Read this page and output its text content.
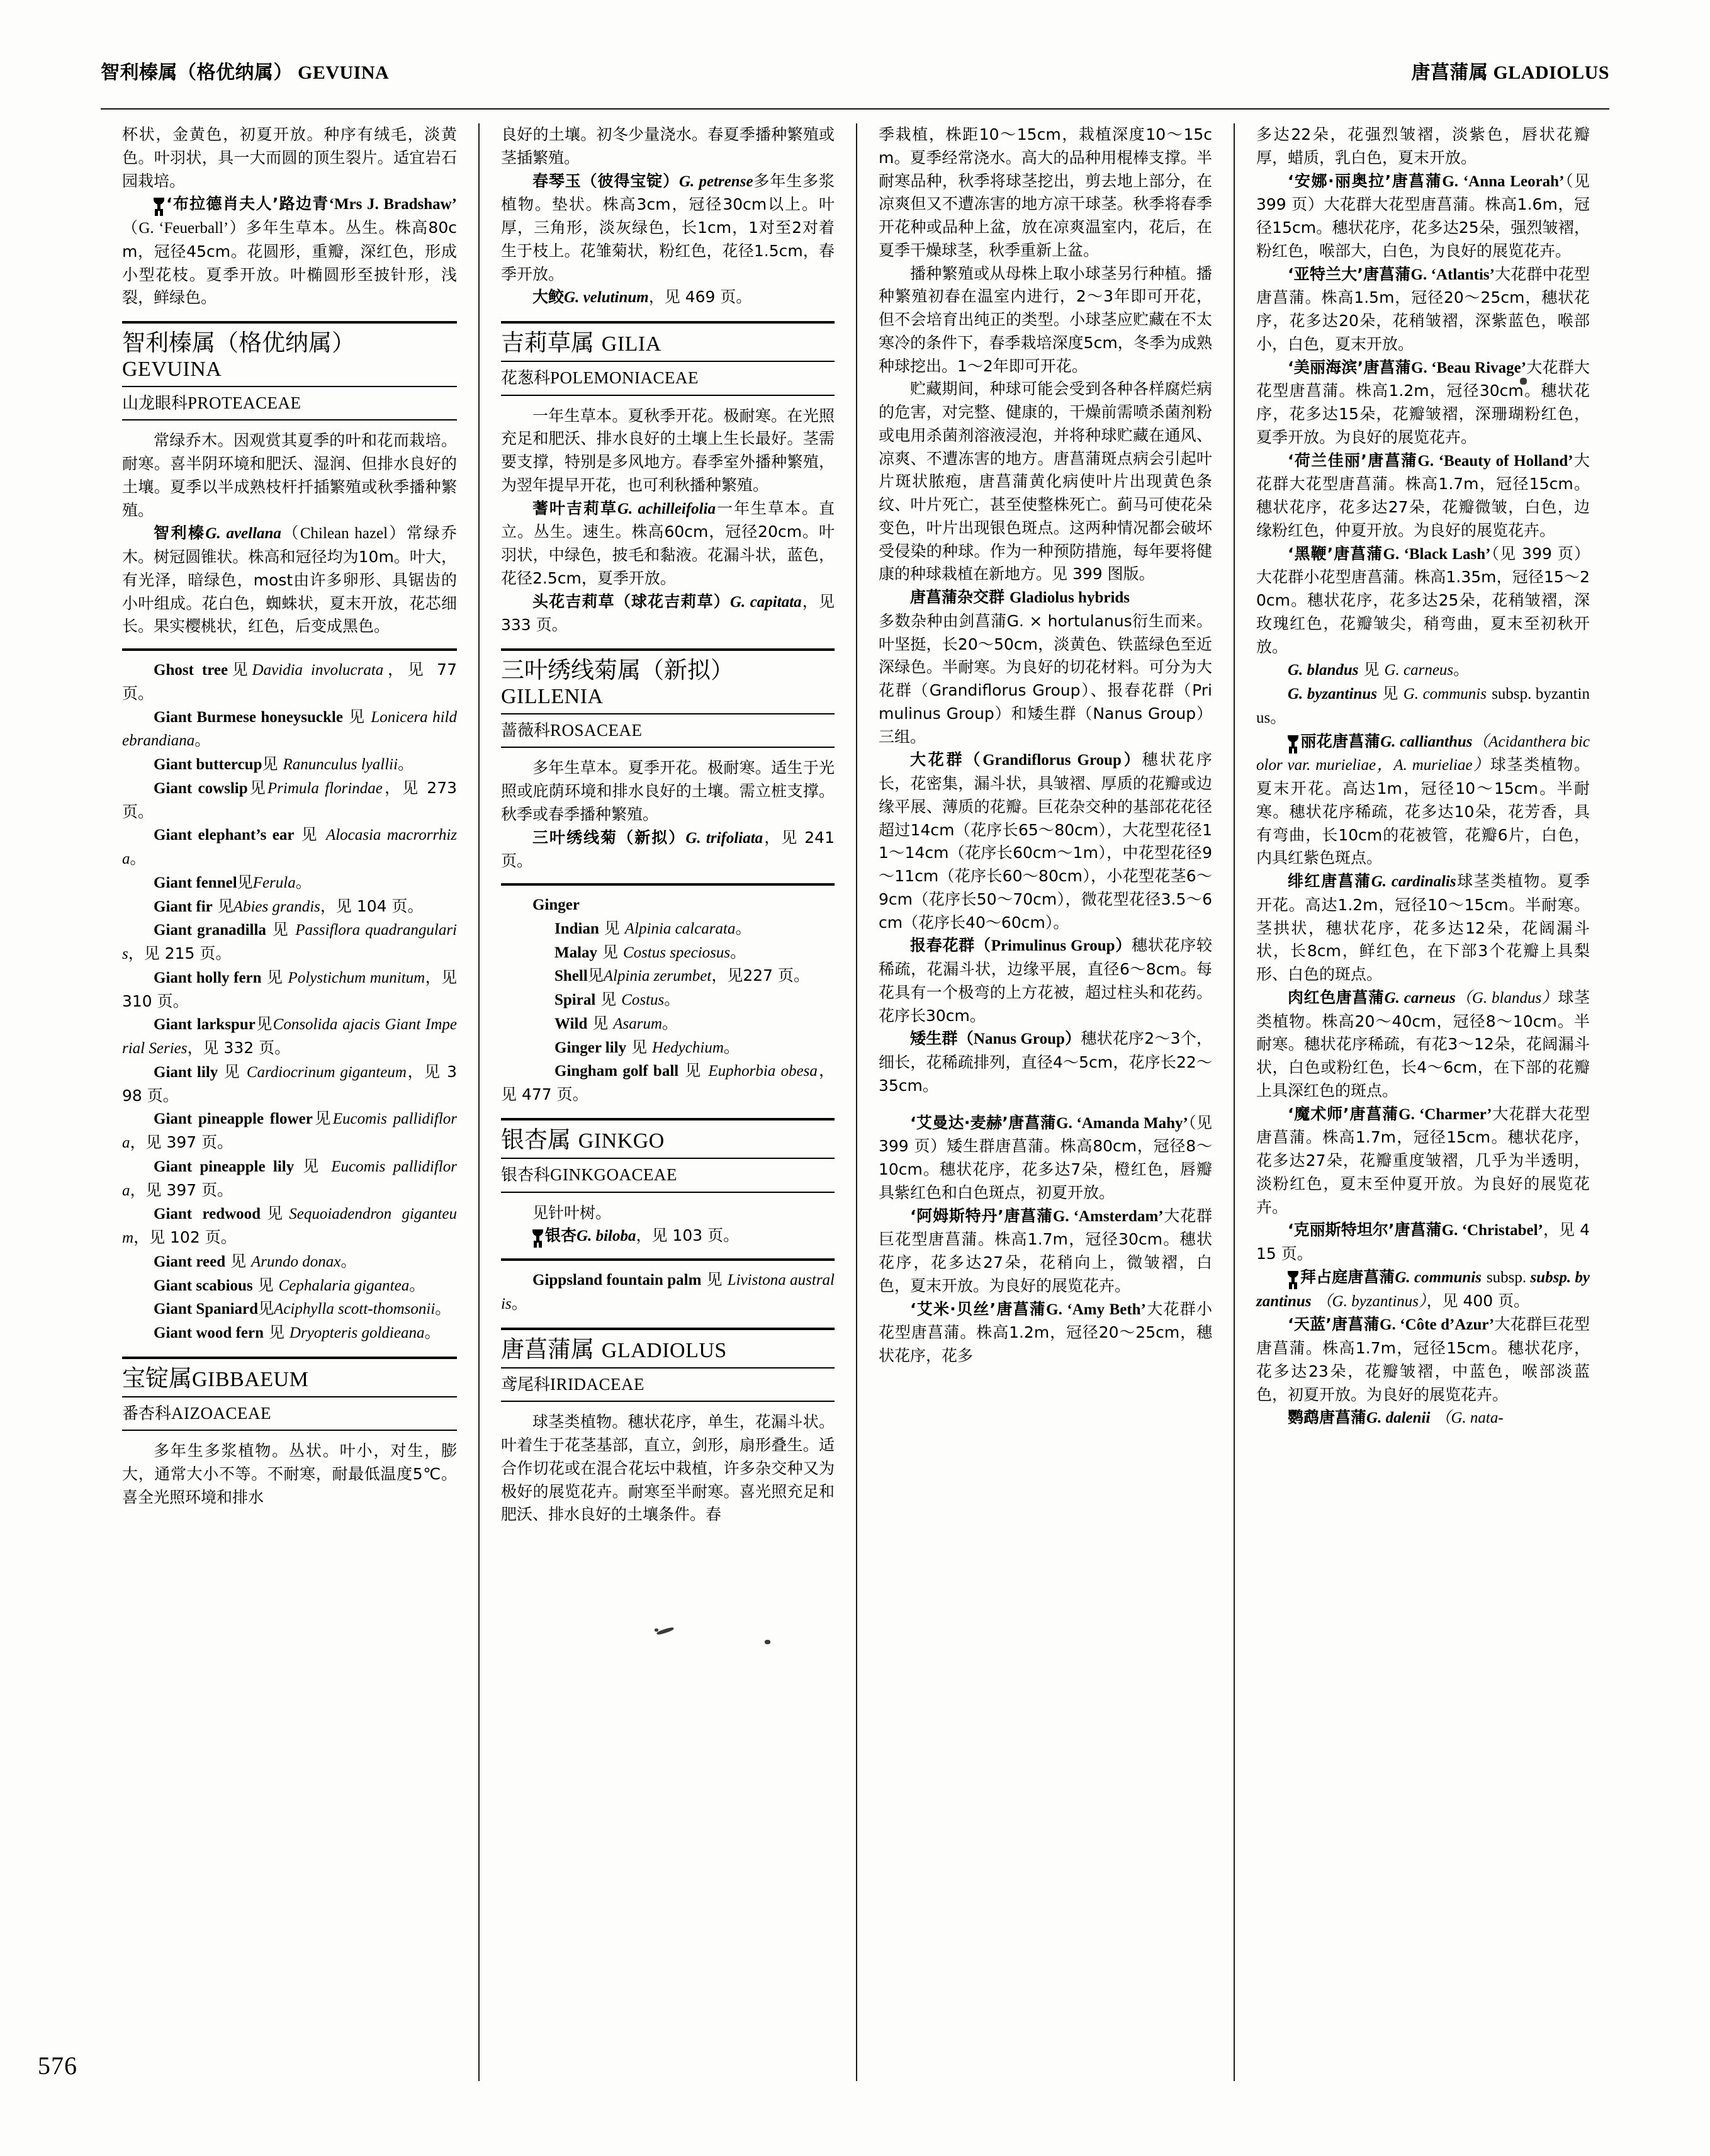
智利榛属（格优纳属） GEVUINA	唐菖蒲属 GLADIOLUS
576

杯状，金黄色，初夏开放。种序有绒毛，淡黄色。叶羽状，具一大而圆的顶生裂片。适宜岩石园栽培。

‘布拉德肖夫人’路边青‘Mrs J. Bradshaw’ （G. ‘Feuerball’）多年生草本。丛生。株高80cm，冠径45cm。花圆形，重瓣，深红色，形成小型花枝。夏季开放。叶椭圆形至披针形，浅裂，鲜绿色。

智利榛属（格优纳属）
GEVUINA
山龙眼科PROTEACEAE

常绿乔木。因观赏其夏季的叶和花而栽培。耐寒。喜半阴环境和肥沃、湿润、但排水良好的土壤。夏季以半成熟枝杆扦插繁殖或秋季播种繁殖。

智利榛G. avellana（Chilean hazel）常绿乔木。树冠圆锥状。株高和冠径均为10m。叶大，有光泽，暗绿色，most由许多卵形、具锯齿的小叶组成。花白色，蜘蛛状，夏末开放，花芯细长。果实樱桃状，红色，后变成黑色。

Ghost tree见Davidia involucrata，见 77 页。

Giant Burmese honeysuckle 见 Lonicera hildebrandiana。

Giant buttercup见 Ranunculus lyallii。

Giant cowslip见Primula florindae，见 273 页。

Giant elephant’s ear 见 Alocasia macrorrhiza。

Giant fennel见Ferula。

Giant fir 见Abies grandis，见 104 页。

Giant granadilla 见 Passiflora quadrangularis，见 215 页。

Giant holly fern 见 Polystichum munitum，见 310 页。

Giant larkspur见Consolida ajacis Giant Imperial Series，见 332 页。

Giant lily 见 Cardiocrinum giganteum，见 398 页。

Giant pineapple flower见Eucomis pallidiflora，见 397 页。

Giant pineapple lily 见 Eucomis pallidiflora，见 397 页。

Giant redwood见Sequoiadendron giganteum，见 102 页。

Giant reed 见 Arundo donax。

Giant scabious 见 Cephalaria gigantea。

Giant Spaniard见Aciphylla scott-thomsonii。

Giant wood fern 见 Dryopteris goldieana。

宝锭属GIBBAEUM
番杏科AIZOACEAE

多年生多浆植物。丛状。叶小，对生，膨大，通常大小不等。不耐寒，耐最低温度5℃。喜全光照环境和排水

良好的土壤。初冬少量浇水。春夏季播种繁殖或茎插繁殖。

春琴玉（彼得宝锭）G. petrense多年生多浆植物。垫状。株高3cm，冠径30cm以上。叶厚，三角形，淡灰绿色，长1cm，1对至2对着生于枝上。花雏菊状，粉红色，花径1.5cm，春季开放。

大鲛G. velutinum，见 469 页。

吉莉草属 GILIA
花葱科POLEMONIACEAE

一年生草本。夏秋季开花。极耐寒。在光照充足和肥沃、排水良好的土壤上生长最好。茎需要支撑，特别是多风地方。春季室外播种繁殖，为翌年提早开花，也可利秋播种繁殖。

蓍叶吉莉草G. achilleifolia一年生草本。直立。丛生。速生。株高60cm，冠径20cm。叶羽状，中绿色，披毛和黏液。花漏斗状，蓝色，花径2.5cm，夏季开放。

头花吉莉草（球花吉莉草）G. capitata，见 333 页。

三叶绣线菊属（新拟）
GILLENIA
蔷薇科ROSACEAE

多年生草本。夏季开花。极耐寒。适生于光照或庇荫环境和排水良好的土壤。需立桩支撑。秋季或春季播种繁殖。

三叶绣线菊（新拟）G. trifoliata，见 241 页。

Ginger

Indian 见 Alpinia calcarata。

Malay 见 Costus speciosus。

Shell见Alpinia zerumbet，见227 页。

Spiral 见 Costus。

Wild 见 Asarum。

Ginger lily 见 Hedychium。

Gingham golf ball 见 Euphorbia obesa，见 477 页。

银杏属 GINKGO
银杏科GINKGOACEAE

见针叶树。

银杏G. biloba，见 103 页。

Gippsland fountain palm 见 Livistona australis。

唐菖蒲属 GLADIOLUS
鸢尾科IRIDACEAE

球茎类植物。穗状花序，单生，花漏斗状。叶着生于花茎基部，直立，剑形，扇形叠生。适合作切花或在混合花坛中栽植，许多杂交种又为极好的展览花卉。耐寒至半耐寒。喜光照充足和肥沃、排水良好的土壤条件。春

季栽植，株距10～15cm，栽植深度10～15cm。夏季经常浇水。高大的品种用棍棒支撑。半耐寒品种，秋季将球茎挖出，剪去地上部分，在凉爽但又不遭冻害的地方凉干球茎。秋季将春季开花种或品种上盆，放在凉爽温室内，花后，在夏季干燥球茎，秋季重新上盆。

播种繁殖或从母株上取小球茎另行种植。播种繁殖初春在温室内进行，2～3年即可开花，但不会培育出纯正的类型。小球茎应贮藏在不太寒冷的条件下，春季栽培深度5cm，冬季为成熟种球挖出。1～2年即可开花。

贮藏期间，种球可能会受到各种各样腐烂病的危害，对完整、健康的，干燥前需喷杀菌剂粉或电用杀菌剂溶液浸泡，并将种球贮藏在通风、凉爽、不遭冻害的地方。唐菖蒲斑点病会引起叶片斑状脓疱，唐菖蒲黄化病使叶片出现黄色条纹、叶片死亡，甚至使整株死亡。蓟马可使花朵变色，叶片出现银色斑点。这两种情况都会破坏受侵染的种球。作为一种预防措施，每年要将健康的种球栽植在新地方。见 399 图版。

唐菖蒲杂交群 Gladiolus hybrids
多数杂种由剑菖蒲G. × hortulanus衍生而来。叶坚挺，长20～50cm，淡黄色、铁蓝绿色至近深绿色。半耐寒。为良好的切花材料。可分为大花群（Grandiflorus Group）、报春花群（Primulinus Group）和矮生群（Nanus Group）三组。

大花群（Grandiflorus Group）穗状花序长，花密集，漏斗状，具皱褶、厚质的花瓣或边缘平展、薄质的花瓣。巨花杂交种的基部花花径超过14cm（花序长65～80cm），大花型花径11～14cm（花序长60cm～1m），中花型花径9～11cm（花序长60～80cm），小花型花茎6～9cm（花序长50～70cm），微花型花径3.5～6cm（花序长40～60cm）。

报春花群（Primulinus Group）穗状花序较稀疏，花漏斗状，边缘平展，直径6～8cm。每花具有一个极弯的上方花被，超过柱头和花药。花序长30cm。

矮生群（Nanus Group）穗状花序2～3个，细长，花稀疏排列，直径4～5cm，花序长22～35cm。

‘艾曼达·麦赫’唐菖蒲G. ‘Amanda Mahy’（见 399 页）矮生群唐菖蒲。株高80cm，冠径8～10cm。穗状花序，花多达7朵，橙红色，唇瓣具紫红色和白色斑点，初夏开放。

‘阿姆斯特丹’唐菖蒲G. ‘Amsterdam’大花群巨花型唐菖蒲。株高1.7m，冠径30cm。穗状花序，花多达27朵，花稍向上，微皱褶，白色，夏末开放。为良好的展览花卉。

‘艾米·贝丝’唐菖蒲G. ‘Amy Beth’大花群小花型唐菖蒲。株高1.2m，冠径20～25cm，穗状花序，花多

多达22朵，花强烈皱褶，淡紫色，唇状花瓣厚，蜡质，乳白色，夏末开放。

‘安娜·丽奥拉’唐菖蒲G. ‘Anna Leorah’（见 399 页）大花群大花型唐菖蒲。株高1.6m，冠径15cm。穗状花序，花多达25朵，强烈皱褶，粉红色，喉部大，白色，为良好的展览花卉。

‘亚特兰大’唐菖蒲G. ‘Atlantis’大花群中花型唐菖蒲。株高1.5m，冠径20～25cm，穗状花序，花多达20朵，花稍皱褶，深紫蓝色，喉部小，白色，夏末开放。

‘美丽海滨’唐菖蒲G. ‘Beau Rivage’大花群大花型唐菖蒲。株高1.2m，冠径30cm。穗状花序，花多达15朵，花瓣皱褶，深珊瑚粉红色，夏季开放。为良好的展览花卉。

‘荷兰佳丽’唐菖蒲G. ‘Beauty of Holland’大花群大花型唐菖蒲。株高1.7m，冠径15cm。穗状花序，花多达27朵，花瓣微皱，白色，边缘粉红色，仲夏开放。为良好的展览花卉。

‘黑鞭’唐菖蒲G. ‘Black Lash’（见 399 页）大花群小花型唐菖蒲。株高1.35m，冠径15～20cm。穗状花序，花多达25朵，花稍皱褶，深玫瑰红色，花瓣皱尖，稍弯曲，夏末至初秋开放。

G. blandus 见 G. carneus。

G. byzantinus 见 G. communis subsp. byzantinus。

丽花唐菖蒲G. callianthus（Acidanthera bicolor var. murieliae，A. murieliae）球茎类植物。夏末开花。高达1m，冠径10～15cm。半耐寒。穗状花序稀疏，花多达10朵，花芳香，具有弯曲，长10cm的花被管，花瓣6片，白色，内具红紫色斑点。

绯红唐菖蒲G. cardinalis球茎类植物。夏季开花。高达1.2m，冠径10～15cm。半耐寒。茎拱状，穗状花序，花多达12朵，花阔漏斗状，长8cm，鲜红色，在下部3个花瓣上具梨形、白色的斑点。

肉红色唐菖蒲G. carneus（G. blandus）球茎类植物。株高20～40cm，冠径8～10cm。半耐寒。穗状花序稀疏，有花3～12朵，花阔漏斗状，白色或粉红色，长4～6cm，在下部的花瓣上具深红色的斑点。

‘魔术师’唐菖蒲G. ‘Charmer’大花群大花型唐菖蒲。株高1.7m，冠径15cm。穗状花序，花多达27朵，花瓣重度皱褶，几乎为半透明，淡粉红色，夏末至仲夏开放。为良好的展览花卉。

‘克丽斯特坦尔’唐菖蒲G. ‘Christabel’，见 415 页。

拜占庭唐菖蒲G. communis subsp. subsp. byzantinus （G. byzantinus），见 400 页。

‘天蓝’唐菖蒲G. ‘Côte d’Azur’大花群巨花型唐菖蒲。株高1.7m，冠径15cm。穗状花序，花多达23朵，花瓣皱褶，中蓝色，喉部淡蓝色，初夏开放。为良好的展览花卉。

鹦鹉唐菖蒲G. dalenii （G. nata-
